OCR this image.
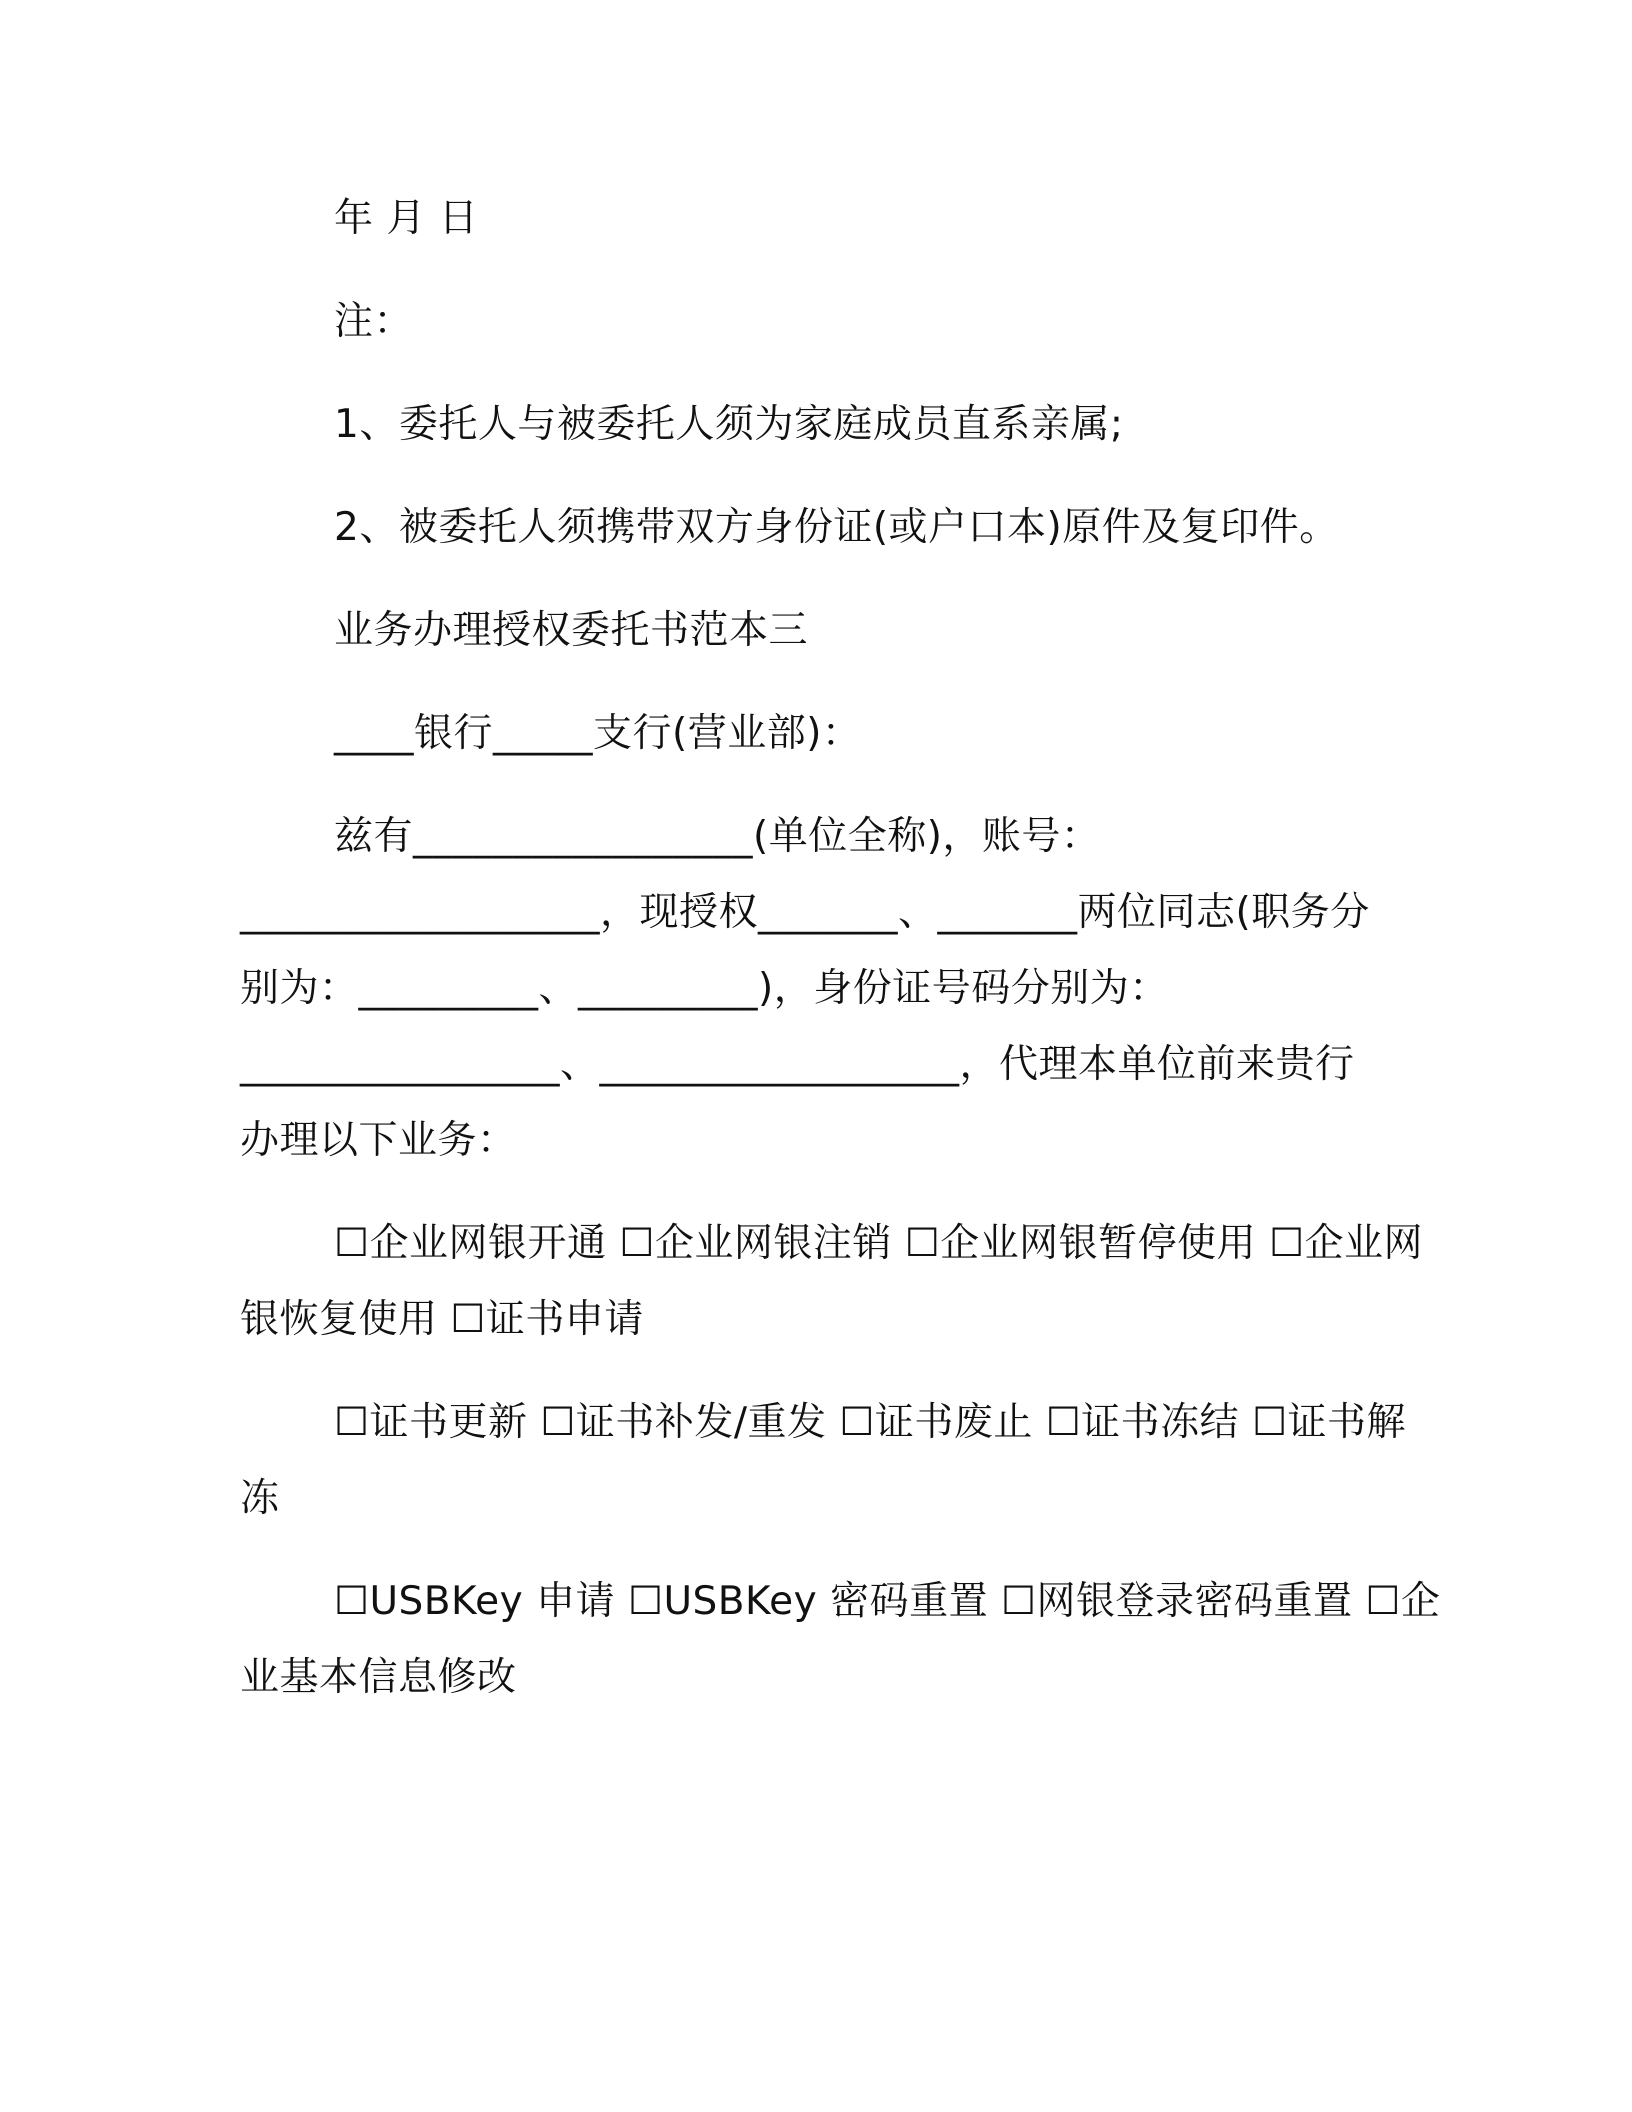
年 月 日
注：
1、委托人与被委托人须为家庭成员直系亲属;
2、被委托人须携带双方身份证(或户口本)原件及复印件。
业务办理授权委托书范本三
____银行_____支行(营业部)：
兹有_________________(单位全称)，账号：
__________________，现授权_______、_______两位同志(职务分
别为：_________、_________)，身份证号码分别为：
________________、__________________，代理本单位前来贵行
办理以下业务：
☐企业网银开通 ☐企业网银注销 ☐企业网银暂停使用 ☐企业网
银恢复使用 ☐证书申请
☐证书更新 ☐证书补发/重发 ☐证书废止 ☐证书冻结 ☐证书解
冻
☐USBKey 申请 ☐USBKey 密码重置 ☐网银登录密码重置 ☐企
业基本信息修改
